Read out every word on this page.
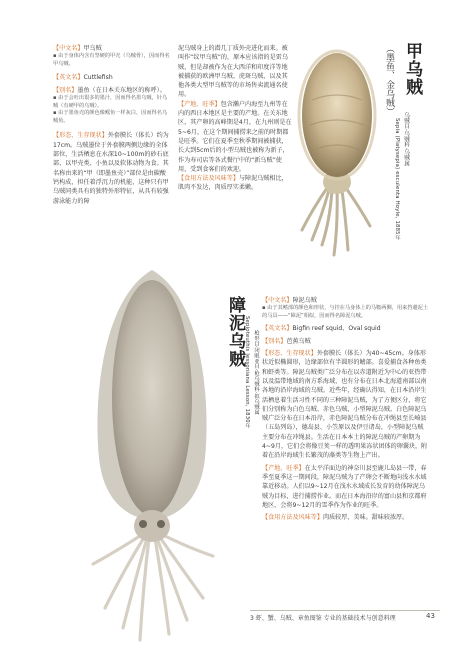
【中文名】甲乌贼

▪ 由于身体内含有坚硬的甲壳（乌贼骨），因而得名甲乌贼。

【英文名】Cuttlefish

【别名】墨鱼（在日本关东地区的称呼）。

▪ 由于会吐出很多的墨汁，因而得名墨乌贼，针乌贼（有硬甲的乌贼）。

▪ 由于墨鱼壳的颜色像鳐鱼一样灰白，因而得名乌贼鱼。

【形态、生存现状】外套膜长（体长）约为17cm。乌贼墨位于外套膜两侧边缘的全体部位，生活栖息在水深10~100m的砂石底部，以甲壳类、小鱼以及软体动物为食。其名称由来的“甲（即墨鱼壳）”部位是由碳酸钙构成，担任着浮沉力的机能，这种只有甲乌贼同类具有的独特外形特征，从具有较强游泳能力的障

泥乌贼身上的潜几丁质外壳进化而来。被叫作“纹甲乌贼”的，原本应该指的是雷乌贼，但是却被作为在大西洋和印度洋等地被捕获的欧洲甲乌贼、虎斑乌贼，以及其他各类大型甲乌贼等的市场售卖流通名使用。

【产地、旺季】包含濑户内海至九州等在内的西日本地区是主要的产地。在关东地区，其产卵的高峰期是4月，在九州则是在5~6月，在这个期间捕捞来之前的时期都是旺季。它们在夏季至秋季期间被捕获，长大到5cm后的小型乌贼也被称为新子，作为寿司店等各式餐厅中的“新乌贼”使用，受到食客们的欢迎。

【食用方法及风味等】与障泥乌贼相比，肌肉不发达，肉质厚实柔嫩。

甲乌贼
（墨鱼、金乌贼）
乌贼目·乌贼科·乌贼属
Sepia (Platysepia) esculenta Hoyle, 1885年
障泥乌贼	枪形目·闭眼亚目·枪乌贼科·拟乌贼属
Sepioteuthis lessoniana Lesson, 1830年

【中文名】障泥乌贼

▪ 由于其鳍部的颜色和形状，与挂在马身体上的马鞍两侧，用来挡避泥土的马具——“障泥”相似，因而得名障泥乌贼。

【英文名】Bigfin reef squid、Oval squid

【别名】芭蕉乌贼

【形态、生存现状】外套膜长（体长）为40~45cm。身体形状近似椭圆形，边缘部位有半圆形的鳍部。喜爱捕食各种鱼类和虾类等。障泥乌贼类广泛分布在以赤道附近为中心的亚热带以及温带地域的南方系海域，也有分布在日本北海道南部以南各地的沿岸海域的乌贼。近些年，经确认得知，在日本沿岸生活栖息着生活习性不同的三种障泥乌贼，为了方便区分，将它们分别称为白色乌贼、赤色乌贼、小型障泥乌贼。白色障泥乌贼广泛分布在日本沿岸，赤色障泥乌贼分布在冲绳县至长崎县（五岛列岛），德岛县、小笠原以及伊豆诸岛，小型障泥乌贼主要分布在冲绳县。生活在日本本土的障泥乌贼的产卵期为4~9月，它们会将像豆荚一样的透明果冻状团体的卵囊块，附着在沿岸海域生长繁茂的藻类等生物上产出。

【产地、旺季】在太平洋面边的神奈川县至鹿儿岛县一带，春季至夏季这一期间段，障泥乌贼为了产卵会不断地向浅水水域靠近移动。人们以9~12月在浅水水域成长发育的幼体障泥乌贼为目标，进行捕捞作业。而在日本海沿岸的富山县和京都府地区，会将9~12月的雪季作为作业的旺季。

【食用方法及风味等】肉质较厚，美味。甜味较浓厚。

3 虾、蟹、乌贼、章鱼图鉴 专业的基础技术与创意料理	43
